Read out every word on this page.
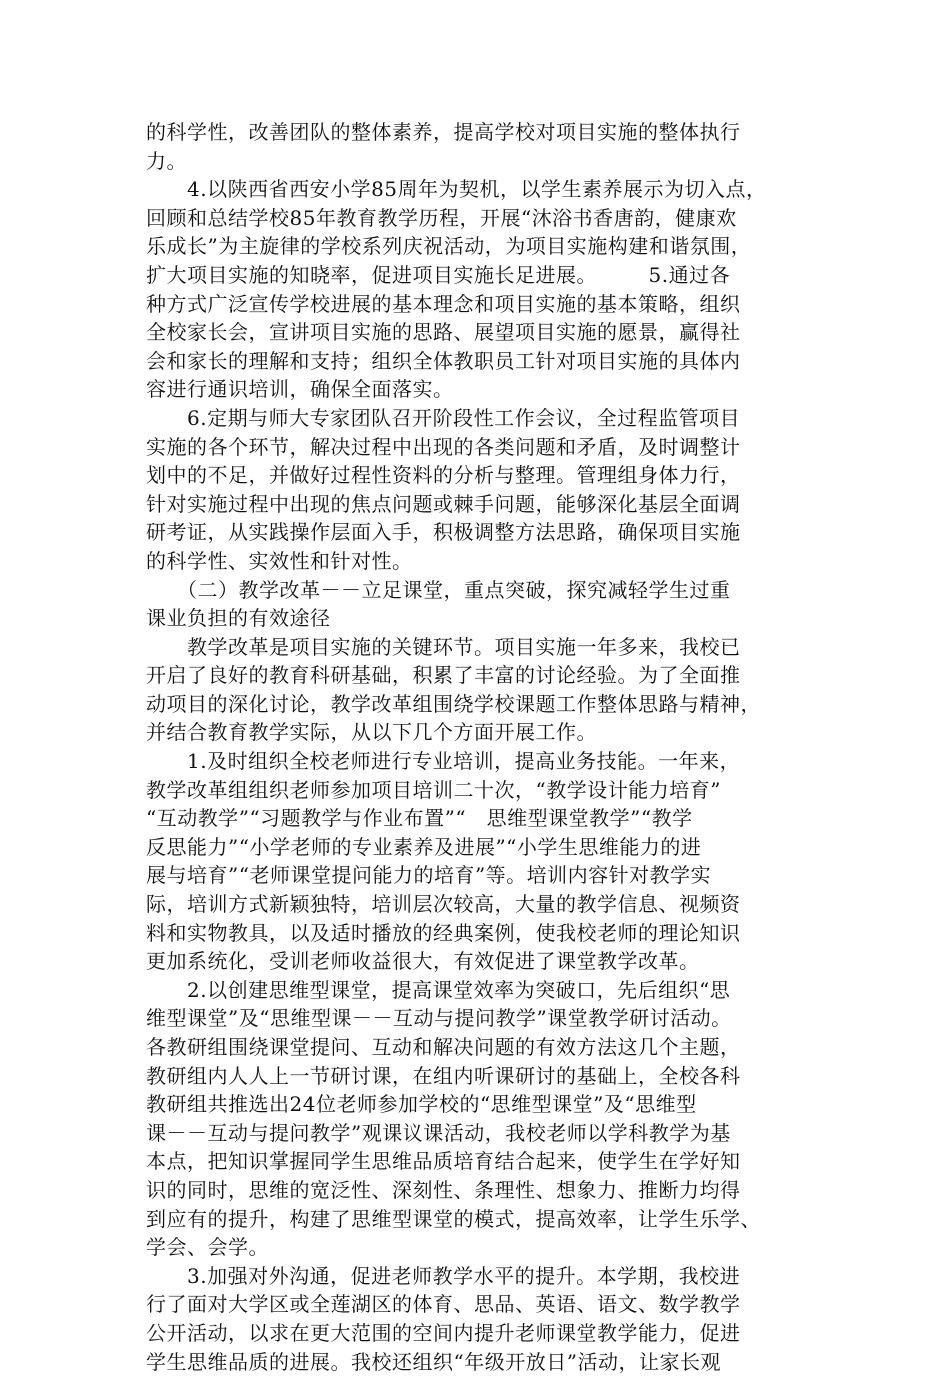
的科学性，改善团队的整体素养，提高学校对项目实施的整体执行
力。
　　4.以陕西省西安小学85周年为契机，以学生素养展示为切入点，
回顾和总结学校85年教育教学历程，开展“沐浴书香唐韵，健康欢
乐成长”为主旋律的学校系列庆祝活动，为项目实施构建和谐氛围，
扩大项目实施的知晓率，促进项目实施长足进展。　　　5.通过各
种方式广泛宣传学校进展的基本理念和项目实施的基本策略，组织
全校家长会，宣讲项目实施的思路、展望项目实施的愿景，赢得社
会和家长的理解和支持；组织全体教职员工针对项目实施的具体内
容进行通识培训，确保全面落实。
　　6.定期与师大专家团队召开阶段性工作会议，全过程监管项目
实施的各个环节，解决过程中出现的各类问题和矛盾，及时调整计
划中的不足，并做好过程性资料的分析与整理。管理组身体力行，
针对实施过程中出现的焦点问题或棘手问题，能够深化基层全面调
研考证，从实践操作层面入手，积极调整方法思路，确保项目实施
的科学性、实效性和针对性。
　　（二）教学改革－－立足课堂，重点突破，探究减轻学生过重
课业负担的有效途径
　　教学改革是项目实施的关键环节。项目实施一年多来，我校已
开启了良好的教育科研基础，积累了丰富的讨论经验。为了全面推
动项目的深化讨论，教学改革组围绕学校课题工作整体思路与精神，
并结合教育教学实际，从以下几个方面开展工作。
　　1.及时组织全校老师进行专业培训，提高业务技能。一年来，
教学改革组组织老师参加项目培训二十次，“教学设计能力培育”
“互动教学”“习题教学与作业布置”“　思维型课堂教学”“教学
反思能力”“小学老师的专业素养及进展”“小学生思维能力的进
展与培育”“老师课堂提问能力的培育”等。培训内容针对教学实
际，培训方式新颖独特，培训层次较高，大量的教学信息、视频资
料和实物教具，以及适时播放的经典案例，使我校老师的理论知识
更加系统化，受训老师收益很大，有效促进了课堂教学改革。
　　2.以创建思维型课堂，提高课堂效率为突破口，先后组织“思
维型课堂”及“思维型课－－互动与提问教学”课堂教学研讨活动。
各教研组围绕课堂提问、互动和解决问题的有效方法这几个主题，
教研组内人人上一节研讨课，在组内听课研讨的基础上，全校各科
教研组共推选出24位老师参加学校的“思维型课堂”及“思维型
课－－互动与提问教学”观课议课活动，我校老师以学科教学为基
本点，把知识掌握同学生思维品质培育结合起来，使学生在学好知
识的同时，思维的宽泛性、深刻性、条理性、想象力、推断力均得
到应有的提升，构建了思维型课堂的模式，提高效率，让学生乐学、
学会、会学。
　　3.加强对外沟通，促进老师教学水平的提升。本学期，我校进
行了面对大学区或全莲湖区的体育、思品、英语、语文、数学教学
公开活动，以求在更大范围的空间内提升老师课堂教学能力，促进
学生思维品质的进展。我校还组织“年级开放日”活动，让家长观
